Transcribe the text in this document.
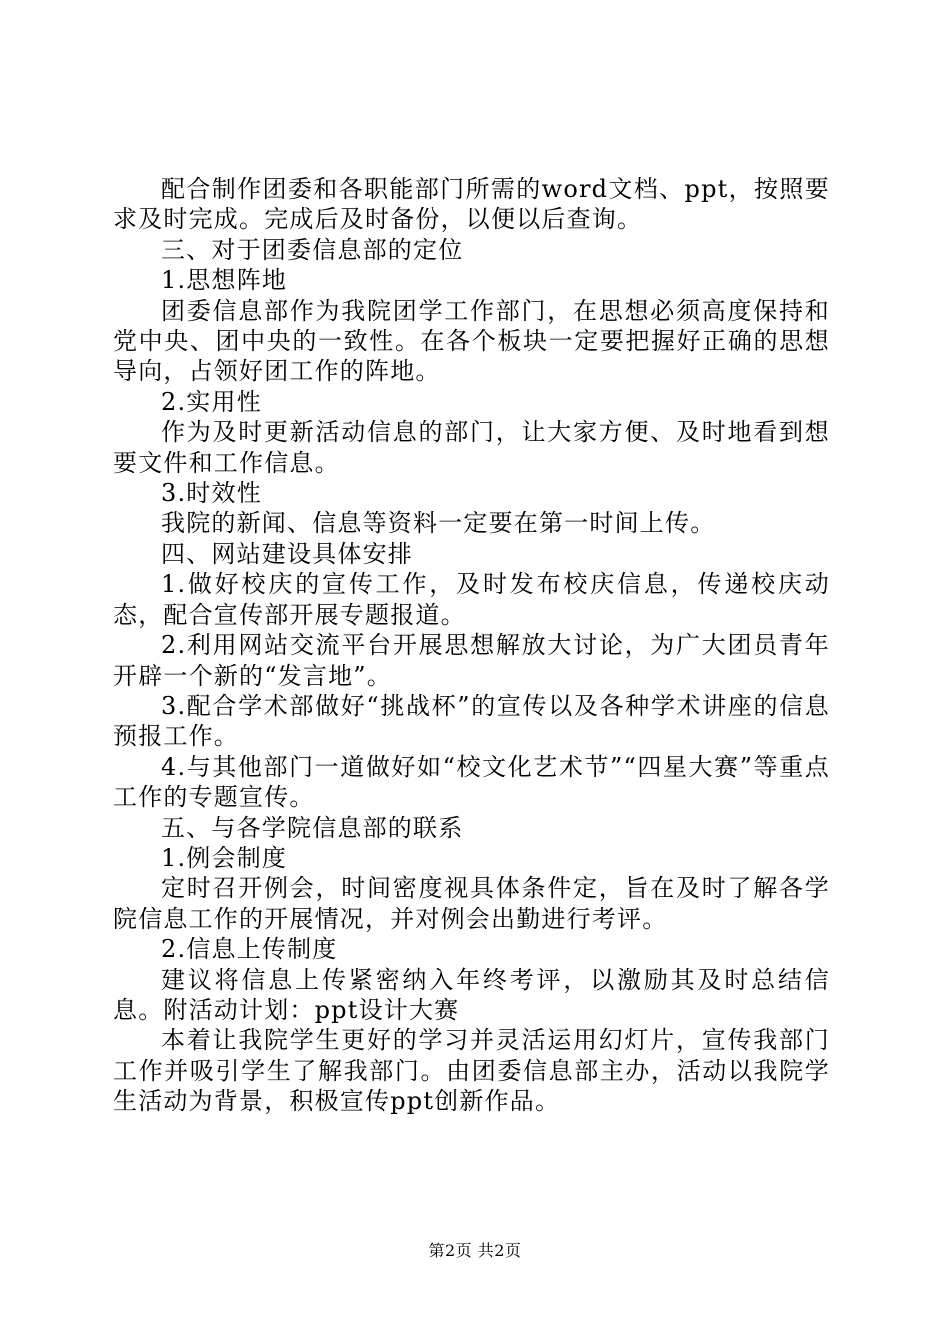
配合制作团委和各职能部门所需的word文档、ppt，按照要求及时完成。完成后及时备份，以便以后查询。

三、对于团委信息部的定位

1.思想阵地

团委信息部作为我院团学工作部门，在思想必须高度保持和党中央、团中央的一致性。在各个板块一定要把握好正确的思想导向，占领好团工作的阵地。

2.实用性

作为及时更新活动信息的部门，让大家方便、及时地看到想要文件和工作信息。

3.时效性

我院的新闻、信息等资料一定要在第一时间上传。

四、网站建设具体安排

1.做好校庆的宣传工作，及时发布校庆信息，传递校庆动态，配合宣传部开展专题报道。

2.利用网站交流平台开展思想解放大讨论，为广大团员青年开辟一个新的“发言地”。

3.配合学术部做好“挑战杯”的宣传以及各种学术讲座的信息预报工作。

4.与其他部门一道做好如“校文化艺术节”“四星大赛”等重点工作的专题宣传。

五、与各学院信息部的联系

1.例会制度

定时召开例会，时间密度视具体条件定，旨在及时了解各学院信息工作的开展情况，并对例会出勤进行考评。

2.信息上传制度

建议将信息上传紧密纳入年终考评，以激励其及时总结信息。附活动计划：ppt设计大赛

本着让我院学生更好的学习并灵活运用幻灯片，宣传我部门工作并吸引学生了解我部门。由团委信息部主办，活动以我院学生活动为背景，积极宣传ppt创新作品。

第2页 共2页
